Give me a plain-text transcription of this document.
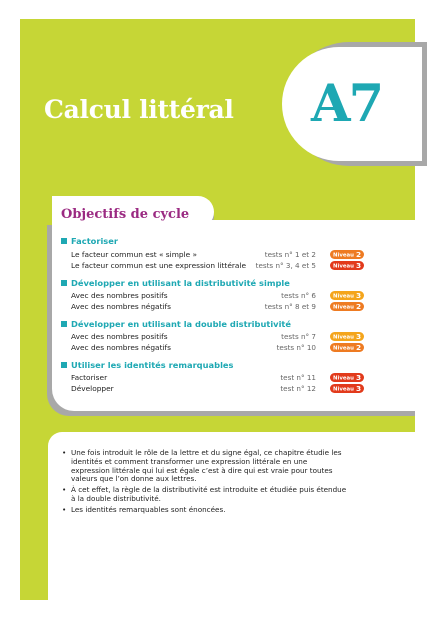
Calcul littéral A7
Objectifs de cycle
Factoriser
Le facteur commun est « simple »	tests n° 1 et 2	Niveau 2
Le facteur commun est une expression littérale tests n° 3, 4 et 5	Niveau 3
Développer en utilisant la distributivité simple
Avec des nombres positifs	tests n° 6	Niveau 3
Avec des nombres négatifs	tests n° 8 et 9	Niveau 2
Développer en utilisant la double distributivité
Avec des nombres positifs	tests n° 7	Niveau 3
Avec des nombres négatifs	tests n° 10	Niveau 2
Utiliser les identités remarquables
Factoriser	test n° 11	Niveau 3
Développer	test n° 12	Niveau 3
• Une fois introduit le rôle de la lettre et du signe égal, ce chapitre étudie les identités et comment transformer une expression littérale en une expression littérale qui lui est égale c’est à dire qui est vraie pour toutes valeurs que l’on donne aux lettres.
• À cet effet, la règle de la distributivité est introduite et étudiée puis étendue à la double distributivité.
• Les identités remarquables sont énoncées.
